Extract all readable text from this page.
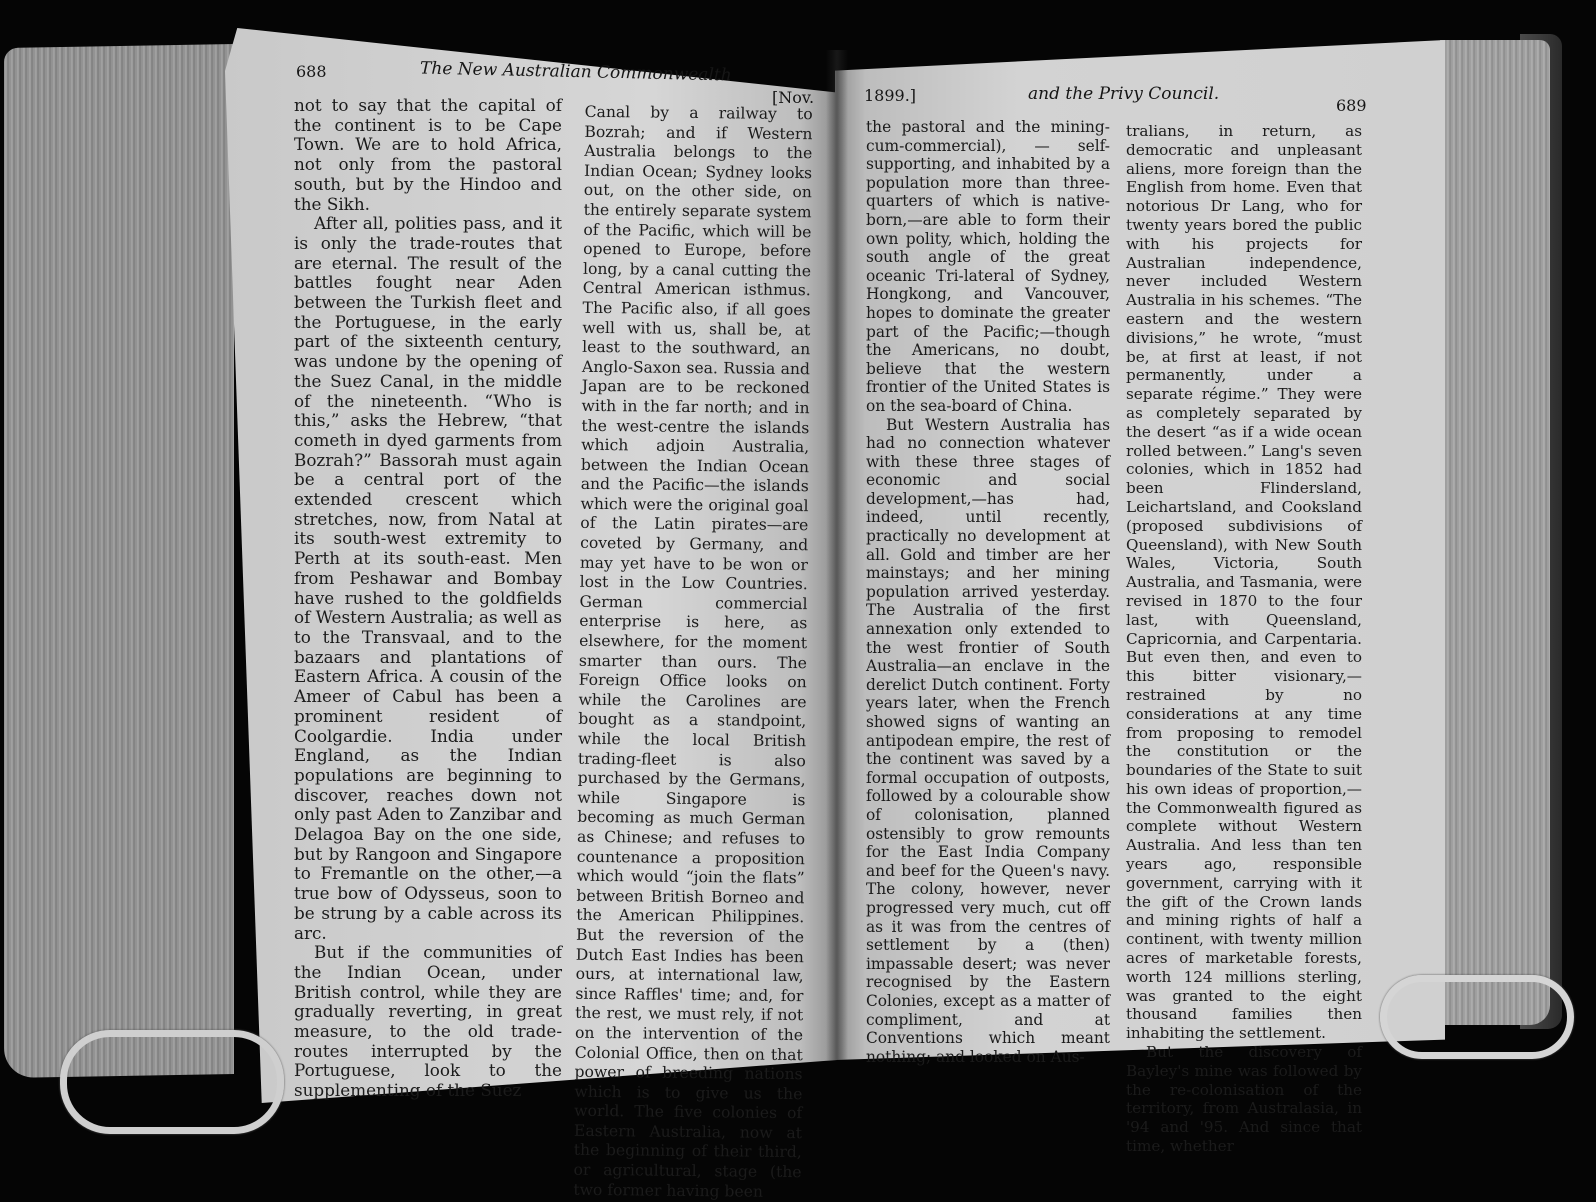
688	The New Australian Commonwealth
[Nov.

not to say that the capital of the continent is to be Cape Town. We are to hold Africa, not only from the pastoral south, but by the Hindoo and the Sikh.

After all, polities pass, and it is only the trade-routes that are eternal. The result of the battles fought near Aden between the Turkish fleet and the Portuguese, in the early part of the sixteenth century, was undone by the opening of the Suez Canal, in the middle of the nineteenth. “Who is this,” asks the Hebrew, “that cometh in dyed garments from Bozrah?” Bassorah must again be a central port of the extended crescent which stretches, now, from Natal at its south-west extremity to Perth at its south-east. Men from Peshawar and Bombay have rushed to the goldfields of Western Australia; as well as to the Transvaal, and to the bazaars and plantations of Eastern Africa. A cousin of the Ameer of Cabul has been a prominent resident of Coolgardie. India under England, as the Indian populations are beginning to discover, reaches down not only past Aden to Zanzibar and Delagoa Bay on the one side, but by Rangoon and Singapore to Fremantle on the other,—a true bow of Odysseus, soon to be strung by a cable across its arc.

But if the communities of the Indian Ocean, under British control, while they are gradually reverting, in great measure, to the old trade-routes interrupted by the Portuguese, look to the supplementing of the Suez

Canal by a railway to Bozrah; and if Western Australia belongs to the Indian Ocean; Sydney looks out, on the other side, on the entirely separate system of the Pacific, which will be opened to Europe, before long, by a canal cutting the Central American isthmus. The Pacific also, if all goes well with us, shall be, at least to the southward, an Anglo-Saxon sea. Russia and Japan are to be reckoned with in the far north; and in the west-centre the islands which adjoin Australia, between the Indian Ocean and the Pacific—the islands which were the original goal of the Latin pirates—are coveted by Germany, and may yet have to be won or lost in the Low Countries. German commercial enterprise is here, as elsewhere, for the moment smarter than ours. The Foreign Office looks on while the Carolines are bought as a standpoint, while the local British trading-fleet is also purchased by the Germans, while Singapore is becoming as much German as Chinese; and refuses to countenance a proposition which would “join the flats” between British Borneo and the American Philippines. But the reversion of the Dutch East Indies has been ours, at international law, since Raffles' time; and, for the rest, we must rely, if not on the intervention of the Colonial Office, then on that power of breeding nations which is to give us the world. The five colonies of Eastern Australia, now at the beginning of their third, or agricultural, stage (the two former having been

1899.]	and the Privy Council.
689

the pastoral and the mining-cum-commercial), — self-supporting, and inhabited by a population more than three-quarters of which is native-born,—are able to form their own polity, which, holding the south angle of the great oceanic Tri-lateral of Sydney, Hongkong, and Vancouver, hopes to dominate the greater part of the Pacific;—though the Americans, no doubt, believe that the western frontier of the United States is on the sea-board of China.

But Western Australia has had no connection whatever with these three stages of economic and social development,—has had, indeed, until recently, practically no development at all. Gold and timber are her mainstays; and her mining population arrived yesterday. The Australia of the first annexation only extended to the west frontier of South Australia—an enclave in the derelict Dutch continent. Forty years later, when the French showed signs of wanting an antipodean empire, the rest of the continent was saved by a formal occupation of outposts, followed by a colourable show of colonisation, planned ostensibly to grow remounts for the East India Company and beef for the Queen's navy. The colony, however, never progressed very much, cut off as it was from the centres of settlement by a (then) impassable desert; was never recognised by the Eastern Colonies, except as a matter of compliment, and at Conventions which meant nothing; and looked on Aus-

tralians, in return, as democratic and unpleasant aliens, more foreign than the English from home. Even that notorious Dr Lang, who for twenty years bored the public with his projects for Australian independence, never included Western Australia in his schemes. “The eastern and the western divisions,” he wrote, “must be, at first at least, if not permanently, under a separate régime.” They were as completely separated by the desert “as if a wide ocean rolled between.” Lang's seven colonies, which in 1852 had been Flindersland, Leichartsland, and Cooksland (proposed subdivisions of Queensland), with New South Wales, Victoria, South Australia, and Tasmania, were revised in 1870 to the four last, with Queensland, Capricornia, and Carpentaria. But even then, and even to this bitter visionary,—restrained by no considerations at any time from proposing to remodel the constitution or the boundaries of the State to suit his own ideas of proportion,—the Commonwealth figured as complete without Western Australia. And less than ten years ago, responsible government, carrying with it the gift of the Crown lands and mining rights of half a continent, with twenty million acres of marketable forests, worth 124 millions sterling, was granted to the eight thousand families then inhabiting the settlement.

But the discovery of Bayley's mine was followed by the re-colonisation of the territory, from Australasia, in '94 and '95. And since that time, whether
